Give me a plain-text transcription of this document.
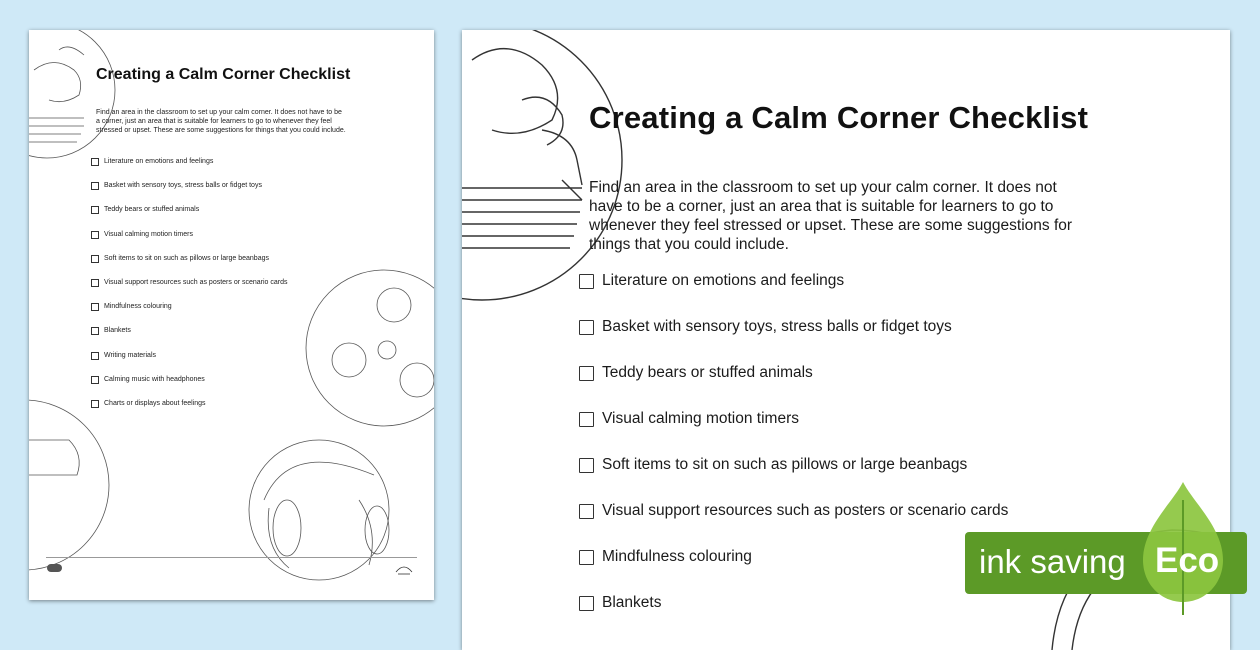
Creating a Calm Corner Checklist

Find an area in the classroom to set up your calm corner. It does not have to be a corner, just an area that is suitable for learners to go to whenever they feel stressed or upset. These are some suggestions for things that you could include.

Literature on emotions and feelings
Basket with sensory toys, stress balls or fidget toys
Teddy bears or stuffed animals
Visual calming motion timers
Soft items to sit on such as pillows or large beanbags
Visual support resources such as posters or scenario cards
Mindfulness colouring
Blankets
Writing materials
Calming music with headphones
Charts or displays about feelings

Creating a Calm Corner Checklist

Find an area in the classroom to set up your calm corner. It does not have to be a corner, just an area that is suitable for learners to go to whenever they feel stressed or upset. These are some suggestions for things that you could include.

Literature on emotions and feelings
Basket with sensory toys, stress balls or fidget toys
Teddy bears or stuffed animals
Visual calming motion timers
Soft items to sit on such as pillows or large beanbags
Visual support resources such as posters or scenario cards
Mindfulness colouring
Blankets
ink saving Eco
